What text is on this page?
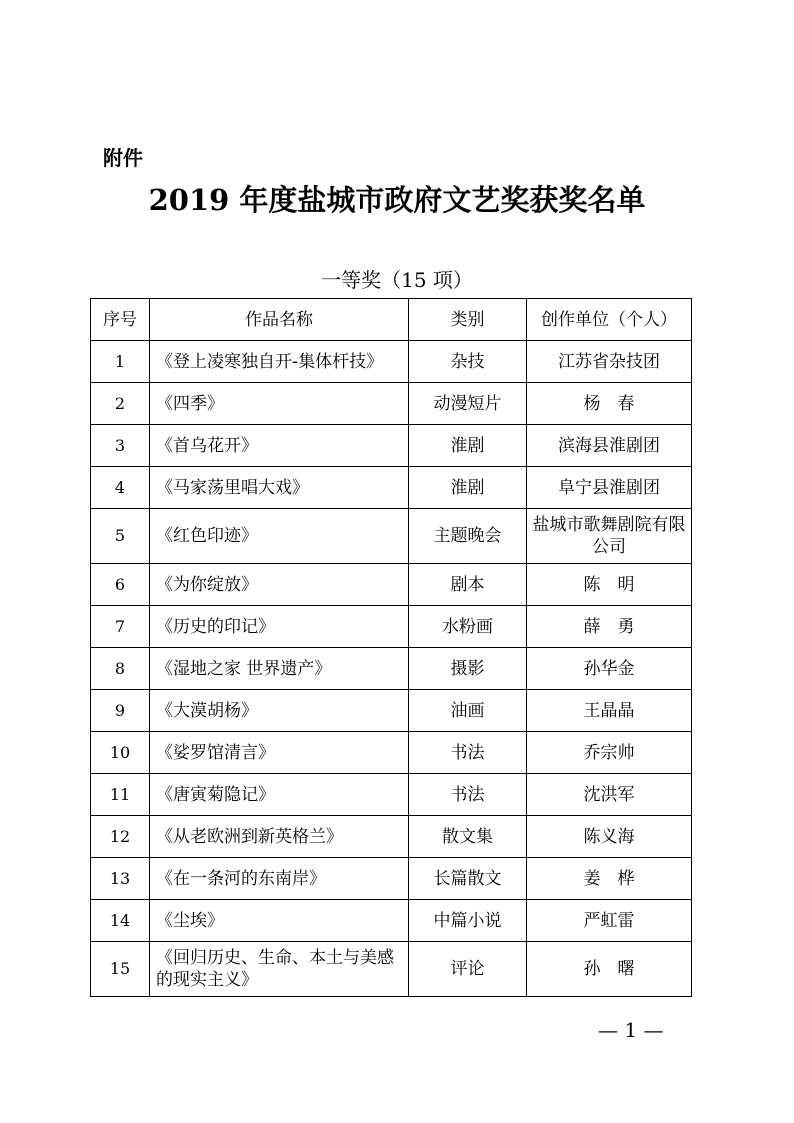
附件
2019 年度盐城市政府文艺奖获奖名单
一等奖（15 项）
序号	作品名称	类别	创作单位（个人）
1	《登上凌寒独自开-集体杆技》	杂技	江苏省杂技团
2	《四季》	动漫短片	杨　春
3	《首乌花开》	淮剧	滨海县淮剧团
4	《马家荡里唱大戏》	淮剧	阜宁县淮剧团
5	《红色印迹》	主题晚会	盐城市歌舞剧院有限公司
6	《为你绽放》	剧本	陈　明
7	《历史的印记》	水粉画	薛　勇
8	《湿地之家 世界遗产》	摄影	孙华金
9	《大漠胡杨》	油画	王晶晶
10	《娑罗馆清言》	书法	乔宗帅
11	《唐寅菊隐记》	书法	沈洪军
12	《从老欧洲到新英格兰》	散文集	陈义海
13	《在一条河的东南岸》	长篇散文	姜　桦
14	《尘埃》	中篇小说	严虹雷
15	《回归历史、生命、本土与美感的现实主义》	评论	孙　曙
— 1 —
